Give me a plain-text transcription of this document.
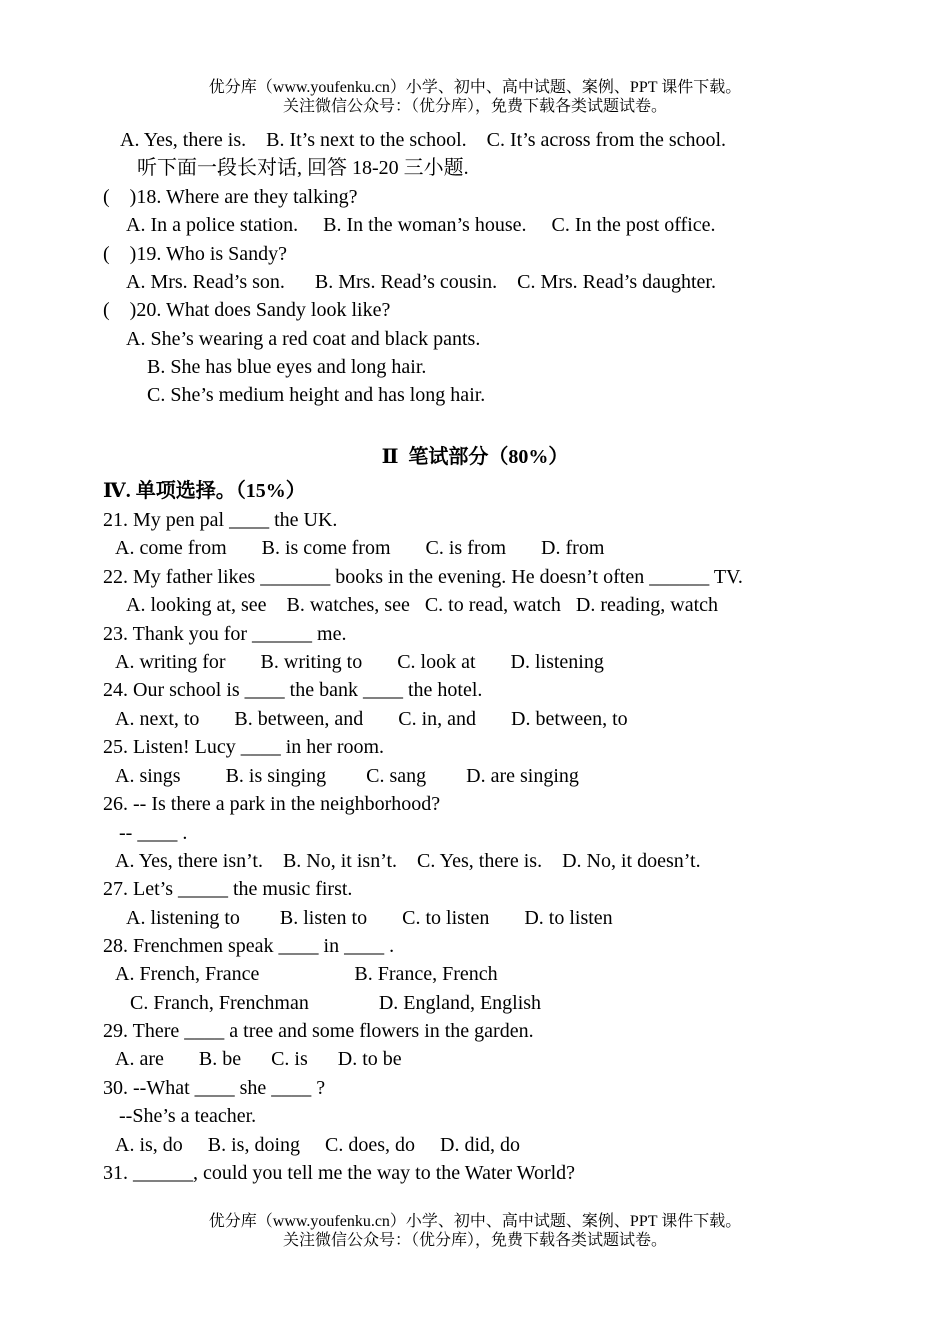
优分库（www.youfenku.cn）小学、初中、高中试题、案例、PPT 课件下载。
关注微信公众号：（优分库），免费下载各类试题试卷。
A. Yes, there is.    B. It’s next to the school.    C. It’s across from the school.
听下面一段长对话, 回答 18-20 三小题.
(    )18. Where are they talking?
A. In a police station.     B. In the woman’s house.     C. In the post office.
(    )19. Who is Sandy?
A. Mrs. Read’s son.      B. Mrs. Read’s cousin.    C. Mrs. Read’s daughter.
(    )20. What does Sandy look like?
A. She’s wearing a red coat and black pants.
B. She has blue eyes and long hair.
C. She’s medium height and has long hair.
Ⅱ  笔试部分（80%）
Ⅳ. 单项选择。（15%）
21. My pen pal ____ the UK.
A. come from       B. is come from       C. is from       D. from
22. My father likes _______ books in the evening. He doesn’t often ______ TV.
A. looking at, see    B. watches, see   C. to read, watch   D. reading, watch
23. Thank you for ______ me.
A. writing for       B. writing to       C. look at       D. listening
24. Our school is ____ the bank ____ the hotel.
A. next, to       B. between, and       C. in, and       D. between, to
25. Listen! Lucy ____ in her room.
A. sings         B. is singing        C. sang        D. are singing
26. -- Is there a park in the neighborhood?
-- ____ .
A. Yes, there isn’t.    B. No, it isn’t.    C. Yes, there is.    D. No, it doesn’t.
27. Let’s _____ the music first.
A. listening to        B. listen to       C. to listen       D. to listen
28. Frenchmen speak ____ in ____ .
A. French, France                   B. France, French
C. Franch, Frenchman              D. England, English
29. There ____ a tree and some flowers in the garden.
A. are       B. be      C. is      D. to be
30. --What ____ she ____ ?
--She’s a teacher.
A. is, do     B. is, doing     C. does, do     D. did, do
31. ______, could you tell me the way to the Water World?
优分库（www.youfenku.cn）小学、初中、高中试题、案例、PPT 课件下载。
关注微信公众号：（优分库），免费下载各类试题试卷。
